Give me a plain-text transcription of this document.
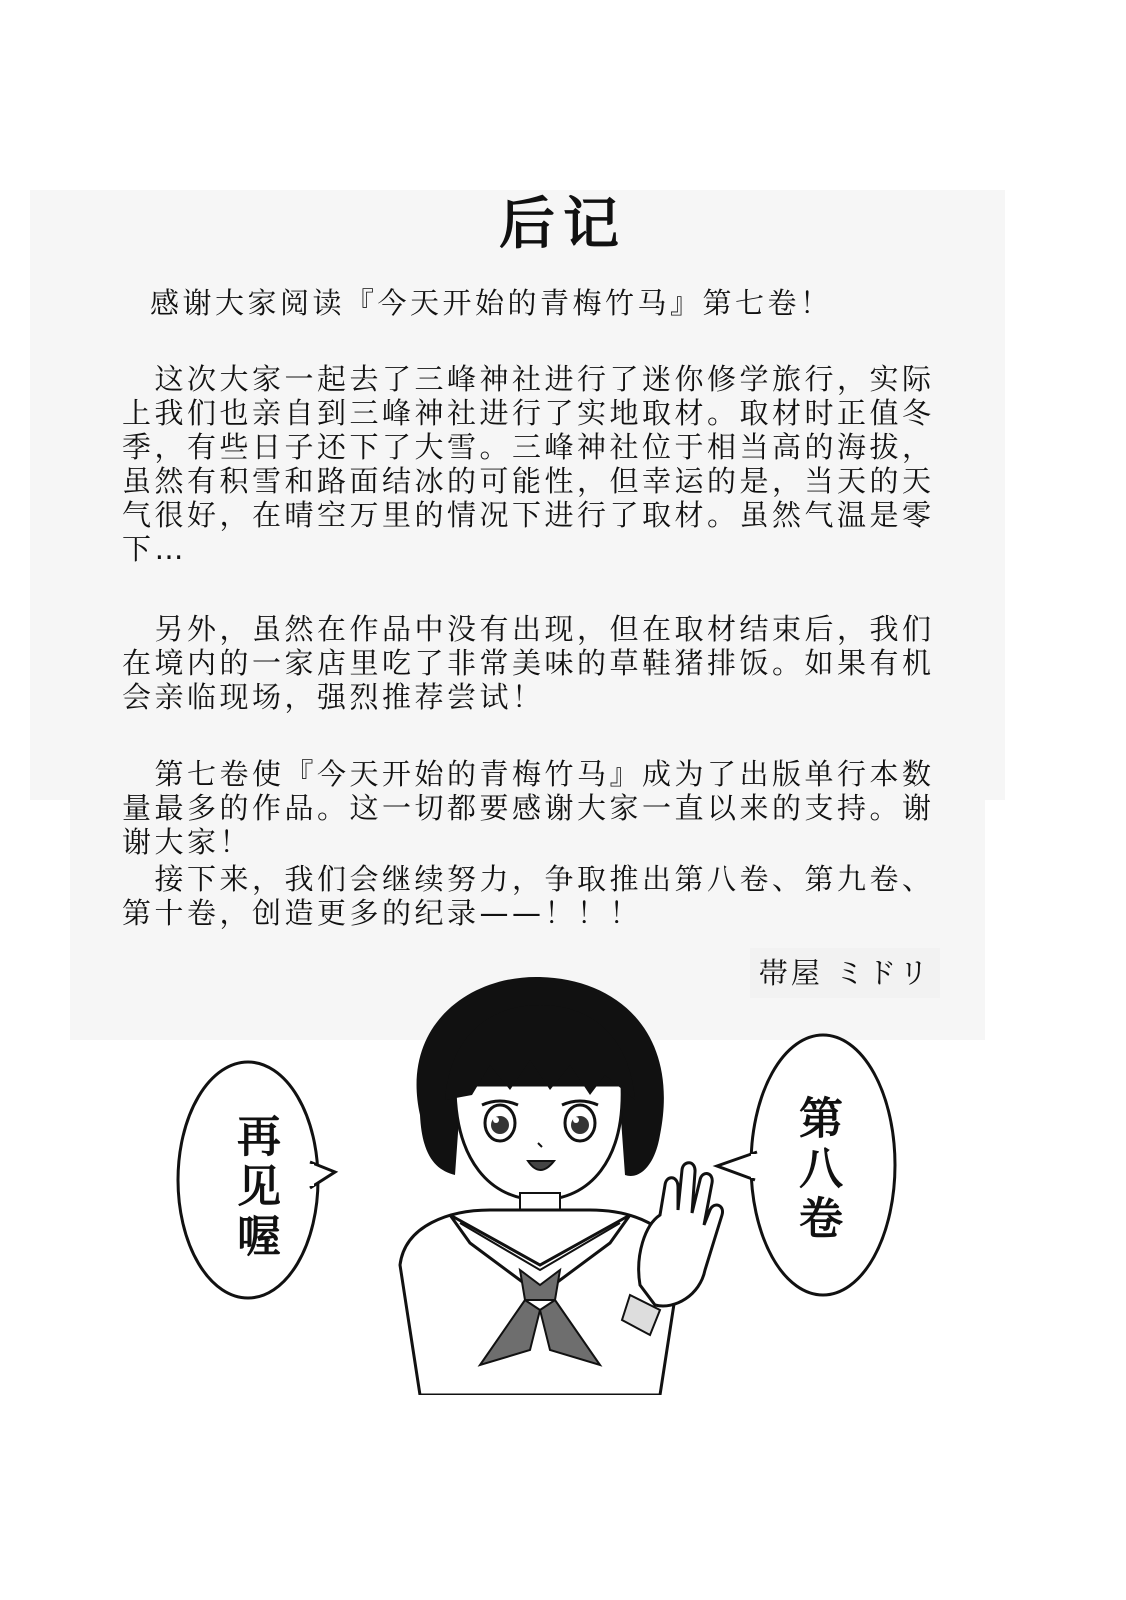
后记
感谢大家阅读『今天开始的青梅竹马』第七卷！
　这次大家一起去了三峰神社进行了迷你修学旅行，实际上我们也亲自到三峰神社进行了实地取材。取材时正值冬季，有些日子还下了大雪。三峰神社位于相当高的海拔，虽然有积雪和路面结冰的可能性，但幸运的是，当天的天气很好，在晴空万里的情况下进行了取材。虽然气温是零下…
　另外，虽然在作品中没有出现，但在取材结束后，我们在境内的一家店里吃了非常美味的草鞋猪排饭。如果有机会亲临现场，强烈推荐尝试！
　第七卷使『今天开始的青梅竹马』成为了出版单行本数量最多的作品。这一切都要感谢大家一直以来的支持。谢谢大家！
　接下来，我们会继续努力，争取推出第八卷、第九卷、第十卷，创造更多的纪录——！！！
帯屋 ミドリ
再见喔	第八卷
